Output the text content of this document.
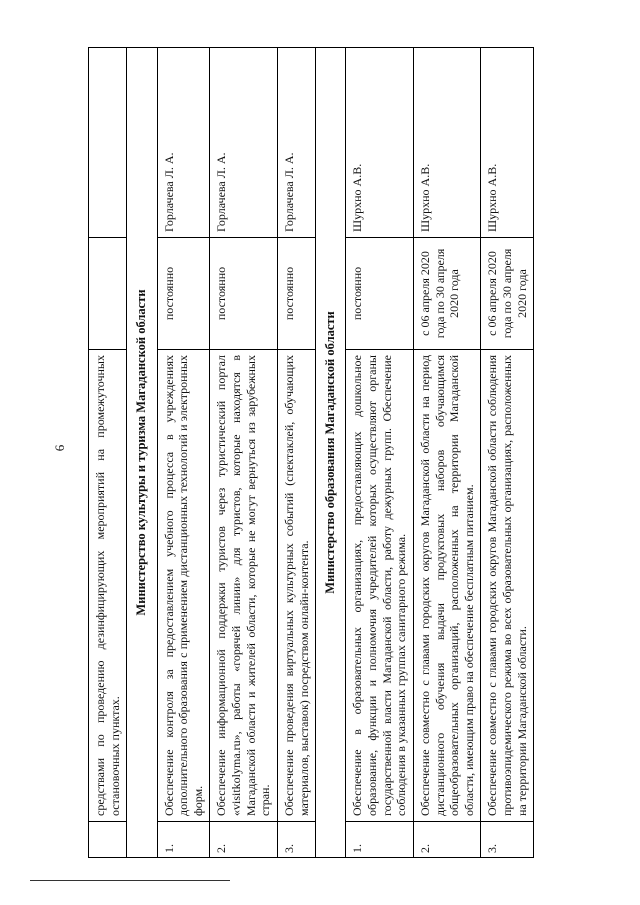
6
	средствами по проведению дезинфицирующих мероприятий на промежуточных остановочных пунктах.		
Министерство культуры и туризма Магаданской области			
1.	Обеспечение контроля за предоставлением учебного процесса в учреждениях дополнительного образования с применением дистанционных технологий и электронных форм.	постоянно	Горлачева Л. А.
2.	Обеспечение информационной поддержки туристов через туристический портал «visitkolyma.ru», работы «горячей линии» для туристов, которые находятся в Магаданской области и жителей области, которые не могут вернуться из зарубежных стран.	постоянно	Горлачева Л. А.
3.	Обеспечение проведения виртуальных культурных событий (спектаклей, обучающих материалов, выставок) посредством онлайн-контента.	постоянно	Горлачева Л. А.
Министерство образования Магаданской области			
1.	Обеспечение в образовательных организациях, предоставляющих дошкольное образование, функции и полномочия учредителей которых осуществляют органы государственной власти Магаданской области, работу дежурных групп. Обеспечение соблюдения в указанных группах санитарного режима.	постоянно	Шурхно А.В.
2.	Обеспечение совместно с главами городских округов Магаданской области на период дистанционного обучения выдачи продуктовых наборов обучающимся общеобразовательных организаций, расположенных на территории Магаданской области, имеющим право на обеспечение бесплатным питанием.	с 06 апреля 2020 года по 30 апреля 2020 года	Шурхно А.В.
3.	Обеспечение совместно с главами городских округов Магаданской области соблюдения противоэпидемического режима во всех образовательных организациях, расположенных на территории Магаданской области.	с 06 апреля 2020 года по 30 апреля 2020 года	Шурхно А.В.
